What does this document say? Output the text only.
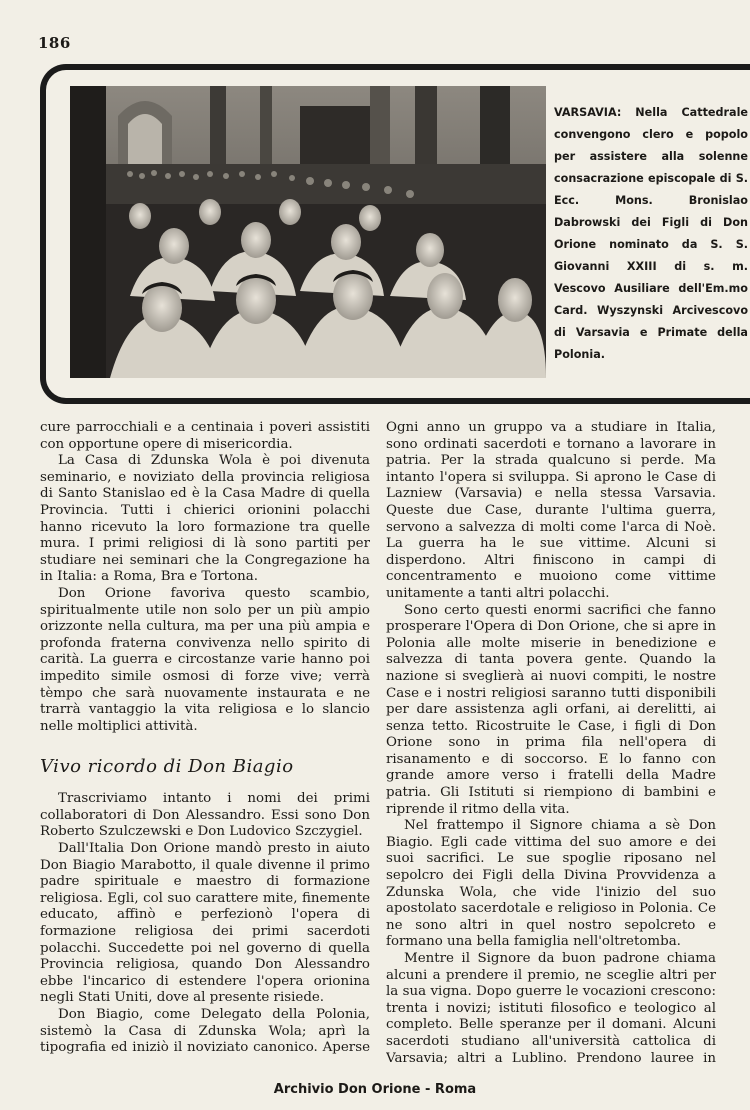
186
VARSAVIA: Nella Cattedrale convengono clero e popolo per assistere alla solenne consacrazione episcopale di S. Ecc. Mons. Bronislao Dabrowski dei Figli di Don Orione nominato da S. S. Giovanni XXIII di s. m. Vescovo Ausiliare dell'Em.mo Card. Wyszynski Arcivescovo di Varsavia e Primate della Polonia.

cure parrocchiali e a centinaia i poveri assistiti con opportune opere di misericordia.

La Casa di Zdunska Wola è poi divenuta seminario, e noviziato della provincia religiosa di Santo Stanislao ed è la Casa Madre di quella Provincia. Tutti i chierici orionini polacchi hanno ricevuto la loro formazione tra quelle mura. I primi religiosi di là sono partiti per studiare nei seminari che la Congregazione ha in Italia: a Roma, Bra e Tortona.

Don Orione favoriva questo scambio, spiritualmente utile non solo per un più ampio orizzonte nella cultura, ma per una più ampia e profonda fraterna convivenza nello spirito di carità. La guerra e circostanze varie hanno poi impedito simile osmosi di forze vive; verrà tèmpo che sarà nuovamente instaurata e ne trarrà vantaggio la vita religiosa e lo slancio nelle moltiplici attività.

Vivo ricordo di Don Biagio

Trascriviamo intanto i nomi dei primi collaboratori di Don Alessandro. Essi sono Don Roberto Szulczewski e Don Ludovico Szczygiel.

Dall'Italia Don Orione mandò presto in aiuto Don Biagio Marabotto, il quale divenne il primo padre spirituale e maestro di formazione religiosa. Egli, col suo carattere mite, finemente educato, affinò e perfezionò l'opera di formazione religiosa dei primi sacerdoti polacchi. Succedette poi nel governo di quella Provincia religiosa, quando Don Alessandro ebbe l'incarico di estendere l'opera orionina negli Stati Uniti, dove al presente risiede.

Don Biagio, come Delegato della Polonia, sistemò la Casa di Zdunska Wola; aprì la tipografia ed iniziò il noviziato canonico. Aperse

Ogni anno un gruppo va a studiare in Italia, sono ordinati sacerdoti e tornano a lavorare in patria. Per la strada qualcuno si perde. Ma intanto l'opera si sviluppa. Si aprono le Case di Lazniew (Varsavia) e nella stessa Varsavia. Queste due Case, durante l'ultima guerra, servono a salvezza di molti come l'arca di Noè. La guerra ha le sue vittime. Alcuni si disperdono. Altri finiscono in campi di concentramento e muoiono come vittime unitamente a tanti altri polacchi.

Sono certo questi enormi sacrifici che fanno prosperare l'Opera di Don Orione, che si apre in Polonia alle molte miserie in benedizione e salvezza di tanta povera gente. Quando la nazione si sveglierà ai nuovi compiti, le nostre Case e i nostri religiosi saranno tutti disponibili per dare assistenza agli orfani, ai derelitti, ai senza tetto. Ricostruite le Case, i figli di Don Orione sono in prima fila nell'opera di risanamento e di soccorso. E lo fanno con grande amore verso i fratelli della Madre patria. Gli Istituti si riempiono di bambini e riprende il ritmo della vita.

Nel frattempo il Signore chiama a sè Don Biagio. Egli cade vittima del suo amore e dei suoi sacrifici. Le sue spoglie riposano nel sepolcro dei Figli della Divina Provvidenza a Zdunska Wola, che vide l'inizio del suo apostolato sacerdotale e religioso in Polonia. Ce ne sono altri in quel nostro sepolcreto e formano una bella famiglia nell'oltretomba.

Mentre il Signore da buon padrone chiama alcuni a prendere il premio, ne sceglie altri per la sua vigna. Dopo guerre le vocazioni crescono: trenta i novizi; istituti filosofico e teologico al completo. Belle speranze per il domani. Alcuni sacerdoti studiano all'università cattolica di Varsavia; altri a Lublino. Prendono lauree in

Archivio Don Orione - Roma
